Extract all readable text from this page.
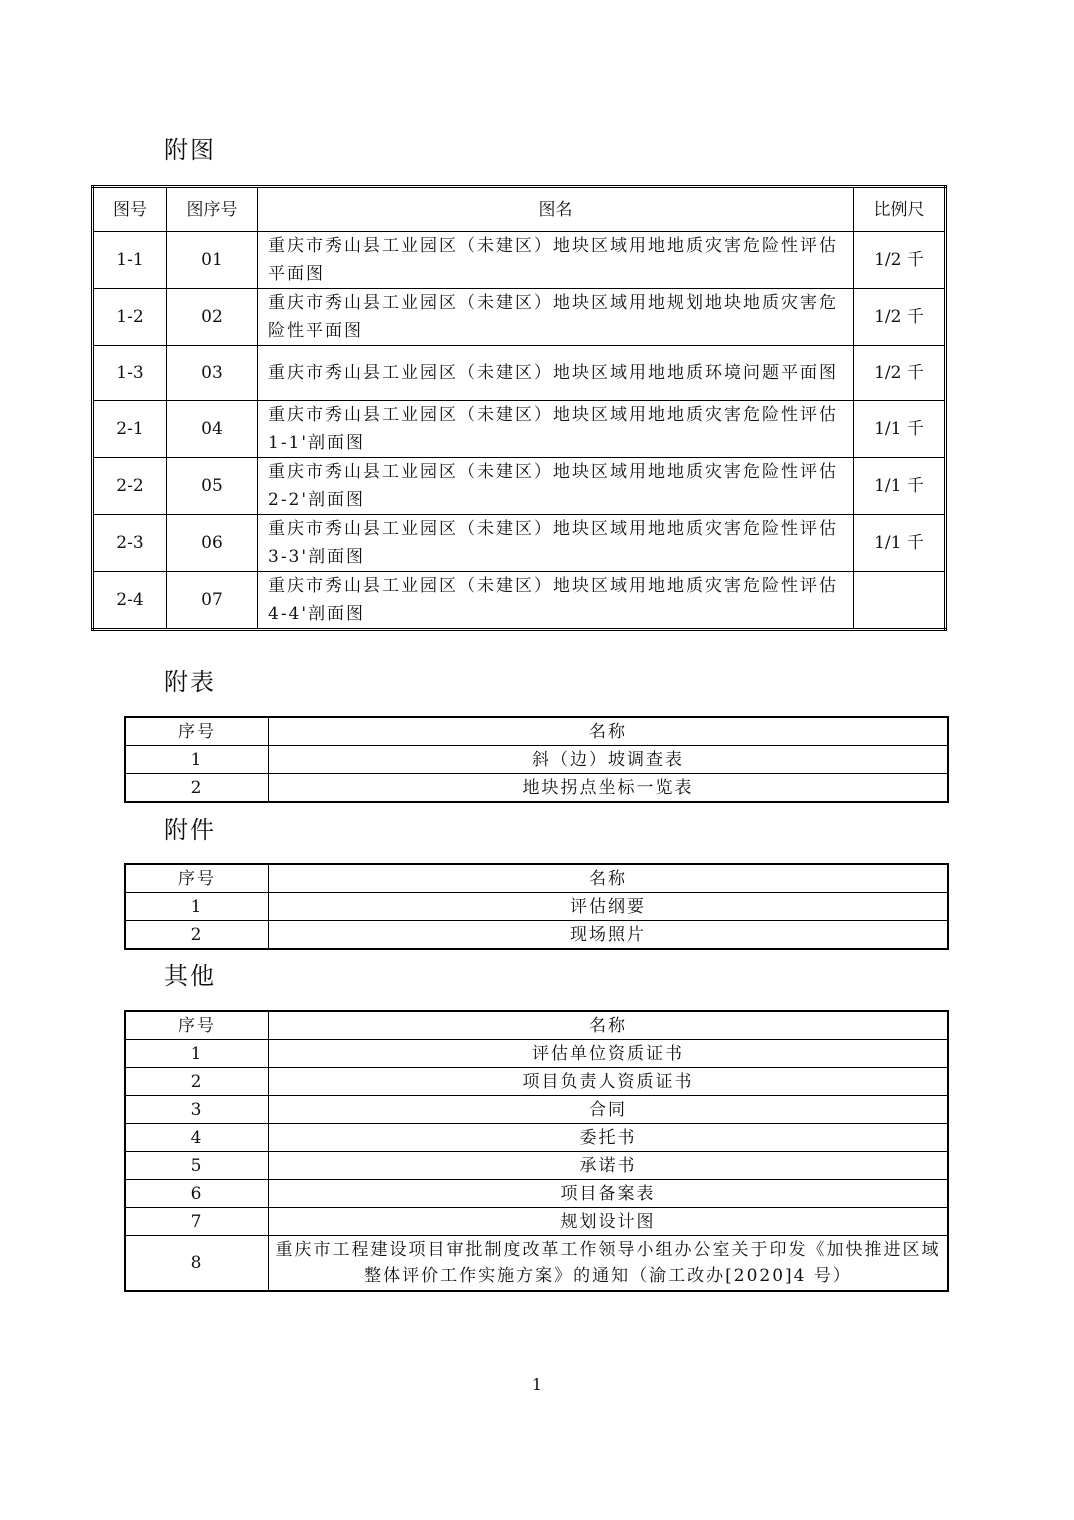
附图
图号	图序号	图名	比例尺
1-1	01	重庆市秀山县工业园区（未建区）地块区域用地地质灾害危险性评估平面图	1/2 千
1-2	02	重庆市秀山县工业园区（未建区）地块区域用地规划地块地质灾害危险性平面图	1/2 千
1-3	03	重庆市秀山县工业园区（未建区）地块区域用地地质环境问题平面图	1/2 千
2-1	04	重庆市秀山县工业园区（未建区）地块区域用地地质灾害危险性评估1-1'剖面图	1/1 千
2-2	05	重庆市秀山县工业园区（未建区）地块区域用地地质灾害危险性评估2-2'剖面图	1/1 千
2-3	06	重庆市秀山县工业园区（未建区）地块区域用地地质灾害危险性评估3-3'剖面图	1/1 千
2-4	07	重庆市秀山县工业园区（未建区）地块区域用地地质灾害危险性评估4-4'剖面图	
附表
序号	名称
1	斜（边）坡调查表
2	地块拐点坐标一览表
附件
序号	名称
1	评估纲要
2	现场照片
其他
序号	名称
1	评估单位资质证书
2	项目负责人资质证书
3	合同
4	委托书
5	承诺书
6	项目备案表
7	规划设计图
8	重庆市工程建设项目审批制度改革工作领导小组办公室关于印发《加快推进区域整体评价工作实施方案》的通知（渝工改办[2020]4 号）
1
